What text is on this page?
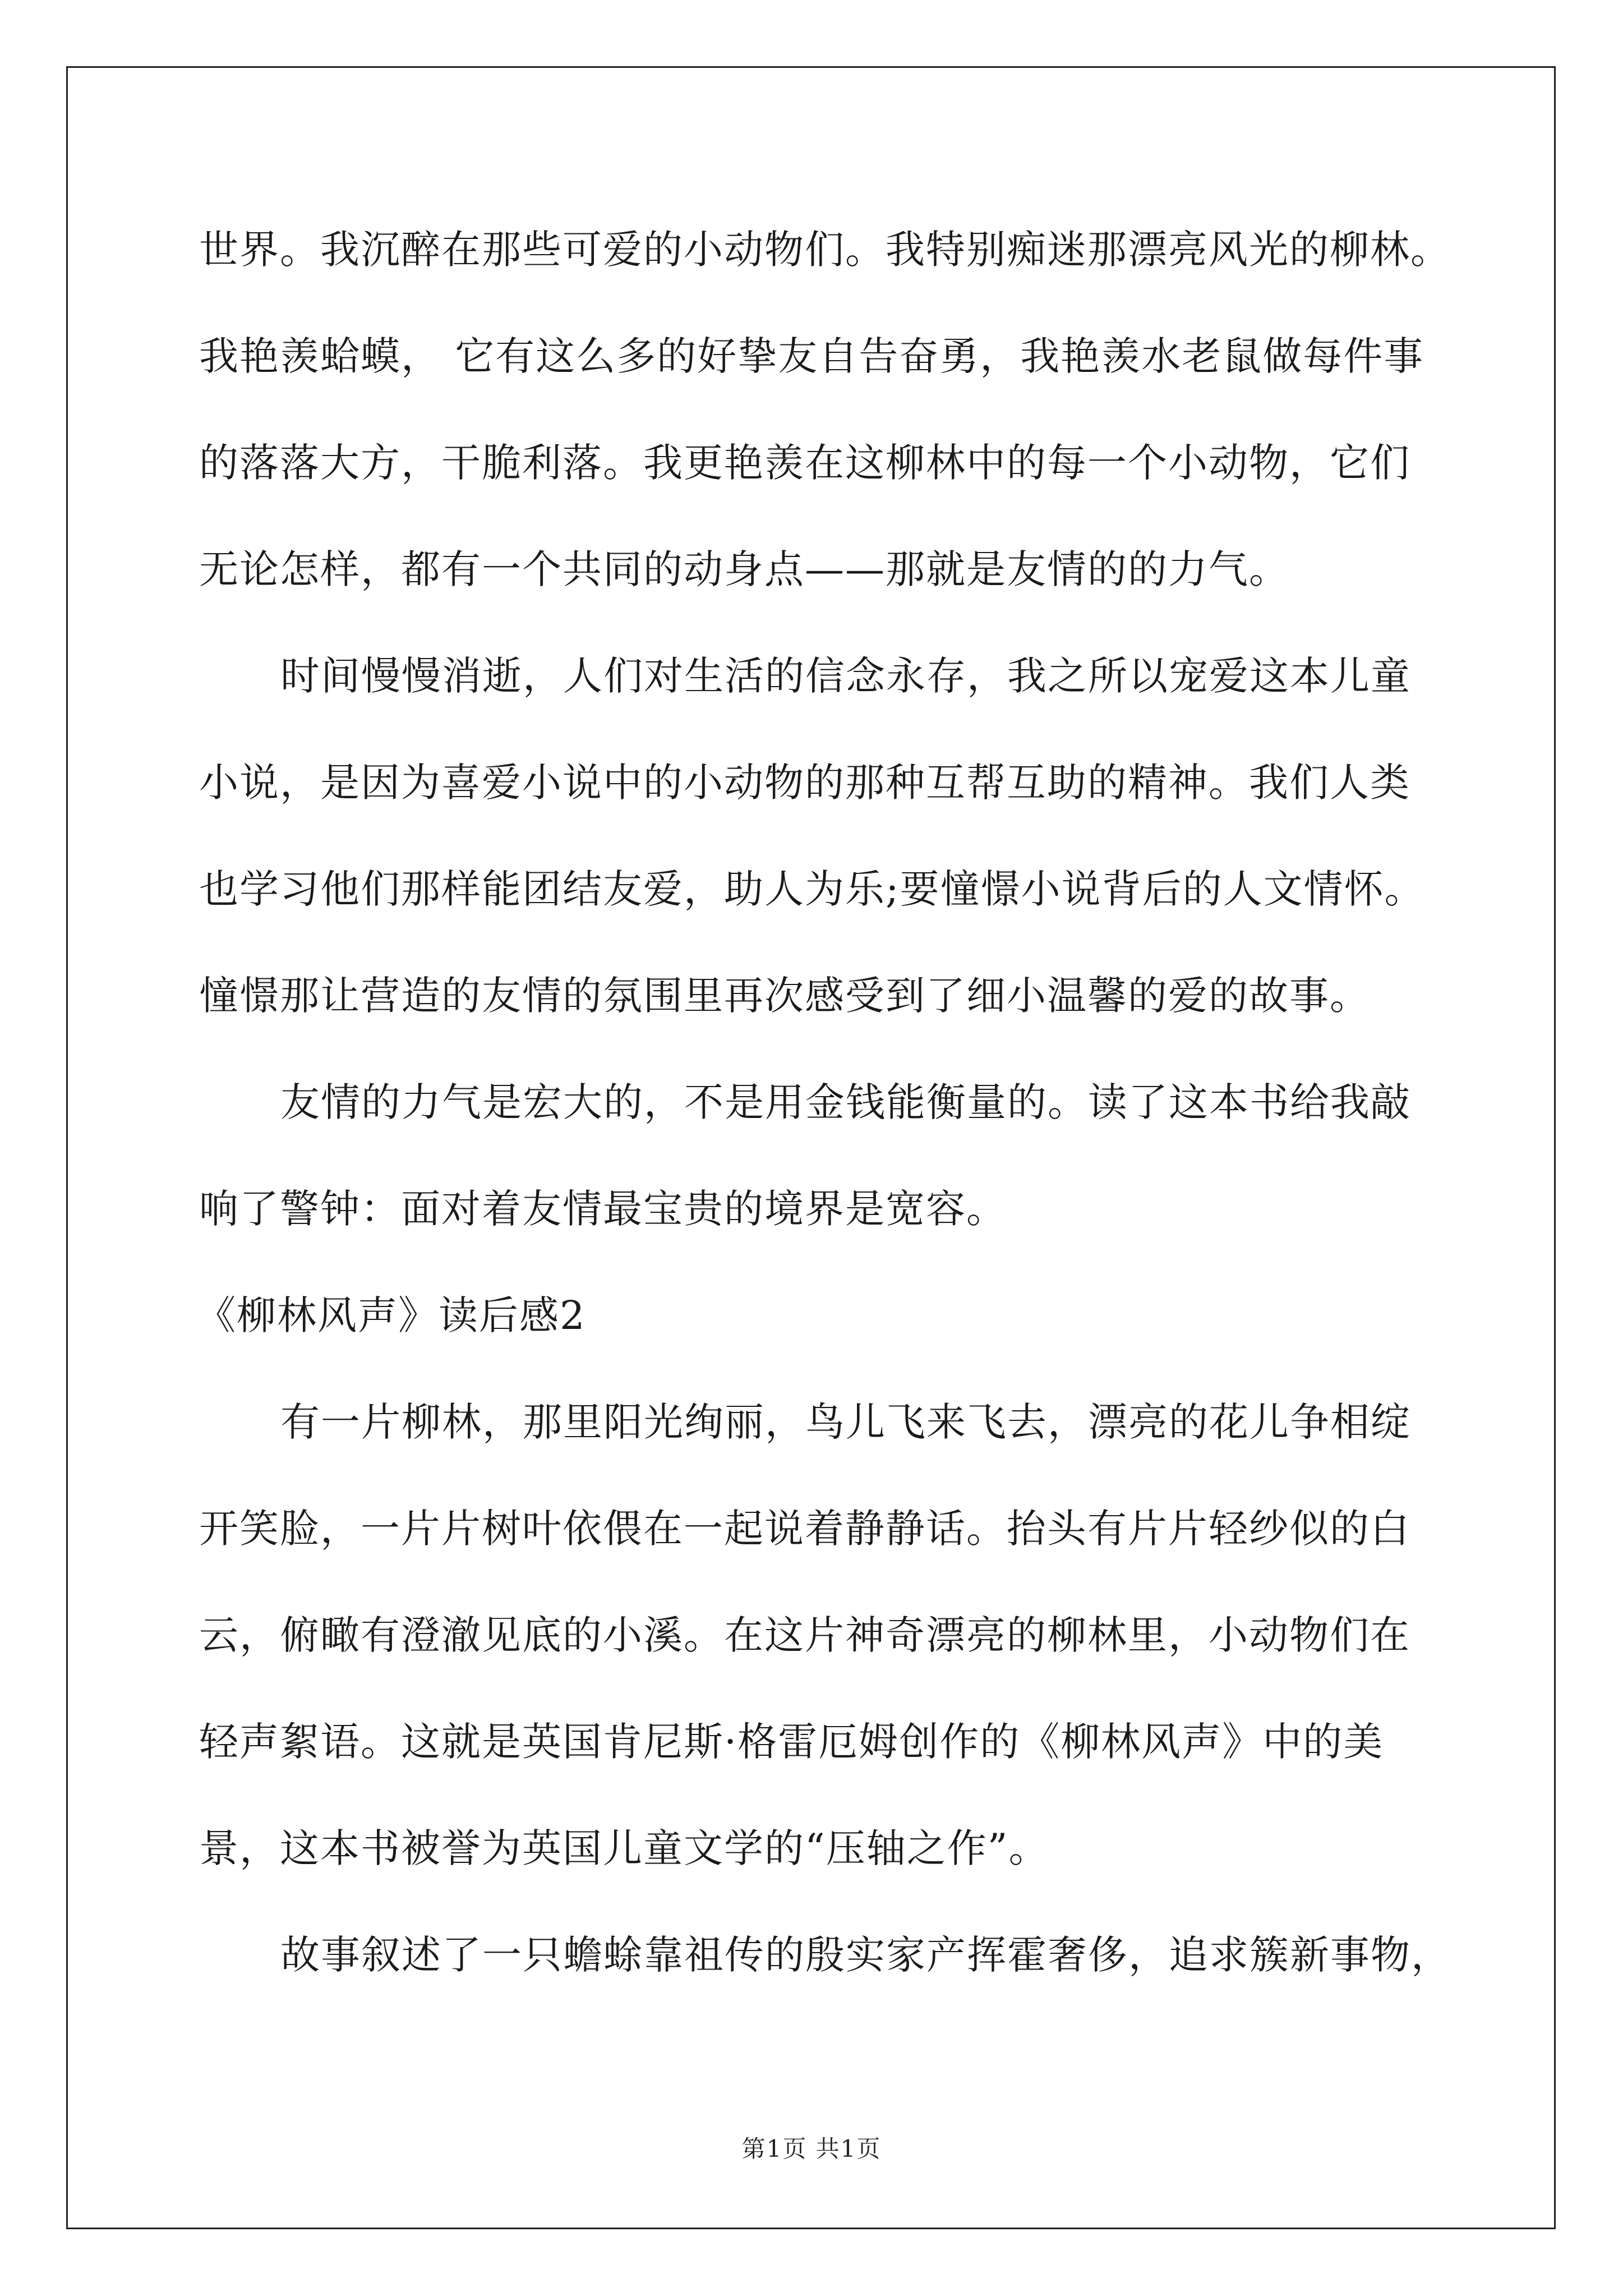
世界。我沉醉在那些可爱的小动物们。我特别痴迷那漂亮风光的柳林。
我艳羡蛤蟆， 它有这么多的好挚友自告奋勇，我艳羡水老鼠做每件事
的落落大方，干脆利落。我更艳羡在这柳林中的每一个小动物，它们
无论怎样，都有一个共同的动身点——那就是友情的的力气。
时间慢慢消逝，人们对生活的信念永存，我之所以宠爱这本儿童
小说，是因为喜爱小说中的小动物的那种互帮互助的精神。我们人类
也学习他们那样能团结友爱，助人为乐;要憧憬小说背后的人文情怀。
憧憬那让营造的友情的氛围里再次感受到了细小温馨的爱的故事。
友情的力气是宏大的，不是用金钱能衡量的。读了这本书给我敲
响了警钟：面对着友情最宝贵的境界是宽容。
《柳林风声》读后感2
有一片柳林，那里阳光绚丽，鸟儿飞来飞去，漂亮的花儿争相绽
开笑脸，一片片树叶依偎在一起说着静静话。抬头有片片轻纱似的白
云，俯瞰有澄澈见底的小溪。在这片神奇漂亮的柳林里，小动物们在
轻声絮语。这就是英国肯尼斯·格雷厄姆创作的《柳林风声》中的美
景，这本书被誉为英国儿童文学的“压轴之作”。
故事叙述了一只蟾蜍靠祖传的殷实家产挥霍奢侈，追求簇新事物，
第1页 共1页
